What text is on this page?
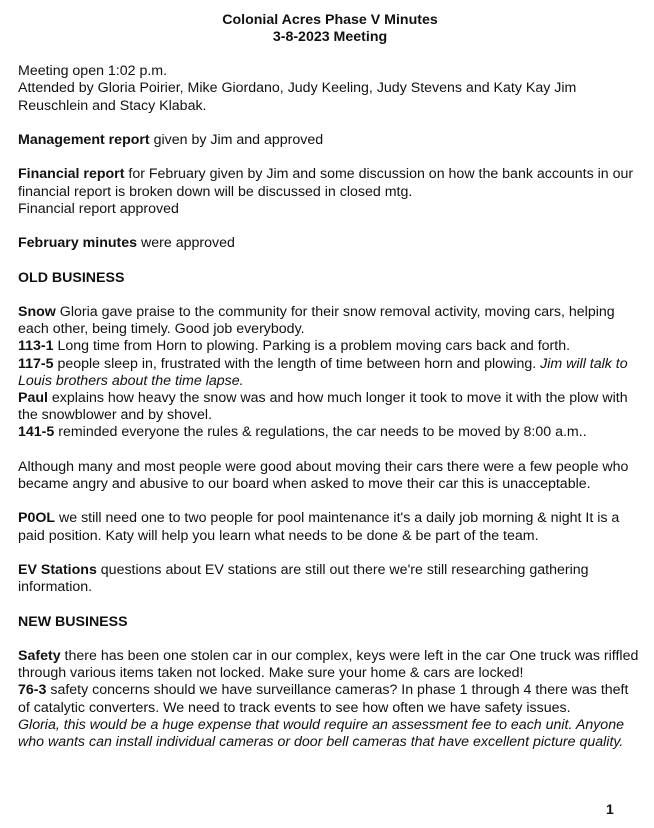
Colonial Acres Phase V Minutes
3-8-2023 Meeting

Meeting open 1:02 p.m.

Attended by Gloria Poirier, Mike Giordano, Judy Keeling, Judy Stevens and Katy Kay Jim Reuschlein and Stacy Klabak.

Management report given by Jim and approved

Financial report for February given by Jim and some discussion on how the bank accounts in our financial report is broken down will be discussed in closed mtg.

Financial report approved

February minutes were approved

OLD BUSINESS

Snow Gloria gave praise to the community for their snow removal activity, moving cars, helping each other, being timely. Good job everybody.

113-1 Long time from Horn to plowing. Parking is a problem moving cars back and forth.

117-5 people sleep in, frustrated with the length of time between horn and plowing. Jim will talk to Louis brothers about the time lapse.

Paul explains how heavy the snow was and how much longer it took to move it with the plow with the snowblower and by shovel.

141-5 reminded everyone the rules & regulations, the car needs to be moved by 8:00 a.m..

Although many and most people were good about moving their cars there were a few people who became angry and abusive to our board when asked to move their car this is unacceptable.

P0OL we still need one to two people for pool maintenance it's a daily job morning & night It is a paid position. Katy will help you learn what needs to be done & be part of the team.

EV Stations questions about EV stations are still out there we're still researching gathering information.

NEW BUSINESS

Safety there has been one stolen car in our complex, keys were left in the car One truck was riffled through various items taken not locked. Make sure your home & cars are locked!

76-3 safety concerns should we have surveillance cameras? In phase 1 through 4 there was theft of catalytic converters. We need to track events to see how often we have safety issues.

Gloria, this would be a huge expense that would require an assessment fee to each unit. Anyone who wants can install individual cameras or door bell cameras that have excellent picture quality.

1
